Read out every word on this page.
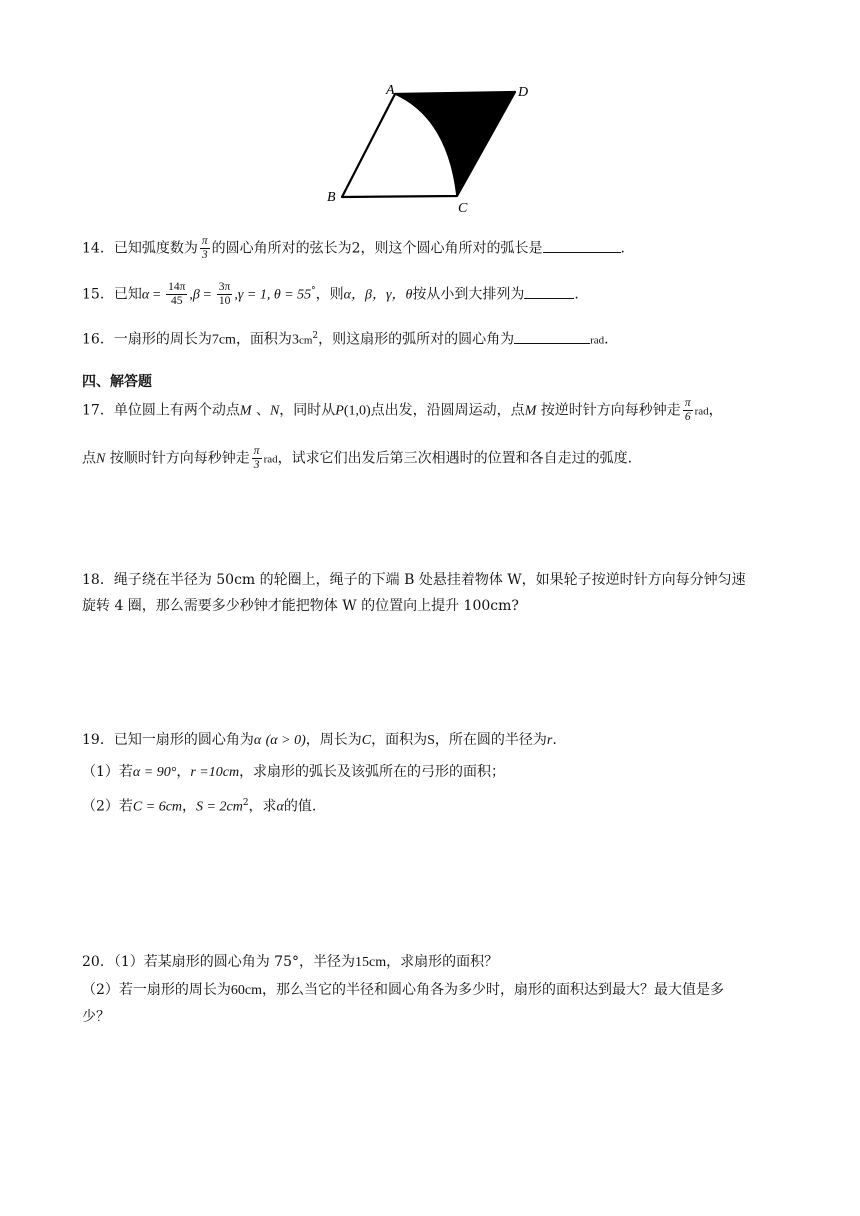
A	D
B
C
14．已知弧度数为 $\frac{\pi}{3}$ 的圆心角所对的弦长为2，则这个圆心角所对的弧长是	.
15．已知$\alpha = \frac{14\pi}{45} ,\beta = \frac{3\pi}{10} ,\gamma = 1$, θ = 55°，则α，β，γ，θ按从小到大排列为	.
16．一扇形的周长为7cm，面积为$3cm^2$，则这扇形的弧所对的圆心角为	rad.
四、解答题
17．单位圆上有两个动点M 、N，同时从P(1,0)点出发，沿圆周运动，点M 按逆时针方向每秒钟走 $\frac{\pi}{6}$ rad，
点N 按顺时针方向每秒钟走 $\frac{\pi}{3}$ rad，试求它们出发后第三次相遇时的位置和各自走过的弧度.
18．绳子绕在半径为 50cm 的轮圈上，绳子的下端 B 处悬挂着物体 W，如果轮子按逆时针方向每分钟匀速
旋转 4 圈，那么需要多少秒钟才能把物体 W 的位置向上提升 100cm?
19．已知一扇形的圆心角为α (α > 0)，周长为C，面积为S，所在圆的半径为r.
（1）若α = 90°，r =10cm，求扇形的弧长及该弧所在的弓形的面积；
（2）若C = 6cm，$S = 2cm^2$，求α的值.
20．（1）若某扇形的圆心角为 75°，半径为15cm，求扇形的面积？
（2）若一扇形的周长为60cm，那么当它的半径和圆心角各为多少时，扇形的面积达到最大？最大值是多
少？
